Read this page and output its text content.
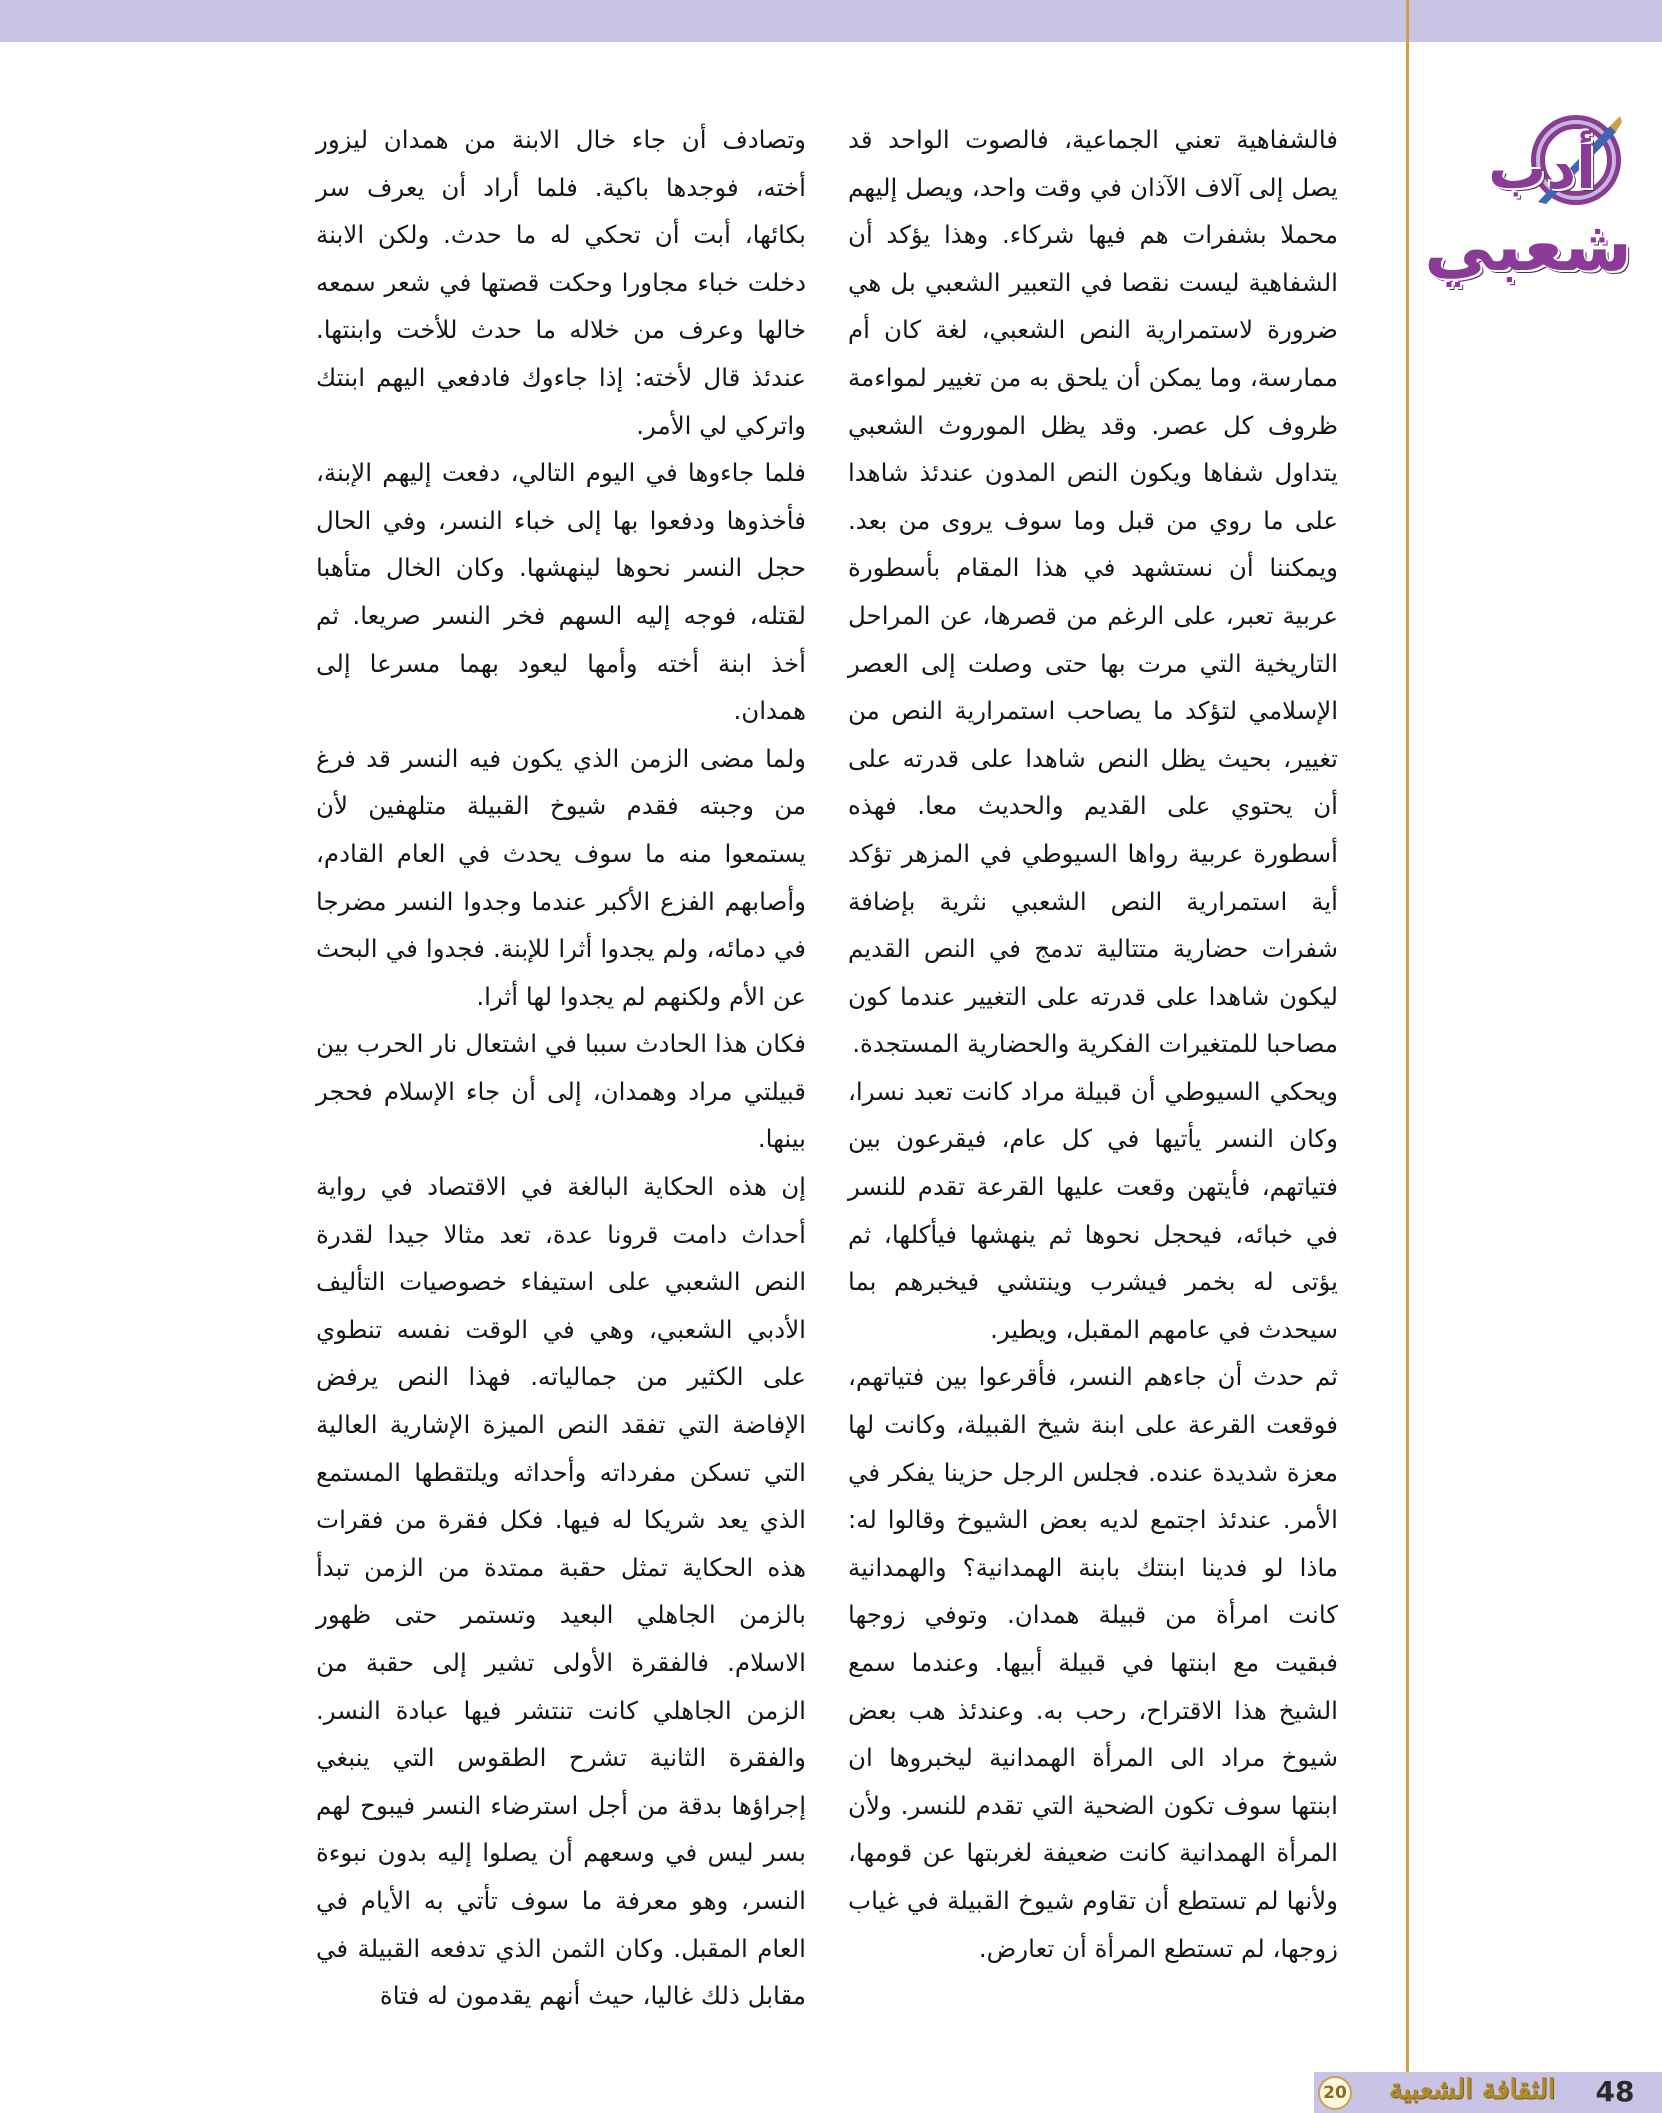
أدب
شعبي

فالشفاهية تعني الجماعية، فالصوت الواحد قد يصل إلى آلاف الآذان في وقت واحد، ويصل إليهم محملا بشفرات هم فيها شركاء. وهذا يؤكد أن الشفاهية ليست نقصا في التعبير الشعبي بل هي ضرورة لاستمرارية النص الشعبي، لغة كان أم ممارسة، وما يمكن أن يلحق به من تغيير لمواءمة ظروف كل عصر. وقد يظل الموروث الشعبي يتداول شفاها ويكون النص المدون عندئذ شاهدا على ما روي من قبل وما سوف يروى من بعد. ويمكننا أن نستشهد في هذا المقام بأسطورة عربية تعبر، على الرغم من قصرها، عن المراحل التاريخية التي مرت بها حتى وصلت إلى العصر الإسلامي لتؤكد ما يصاحب استمرارية النص من تغيير، بحيث يظل النص شاهدا على قدرته على أن يحتوي على القديم والحديث معا. فهذه أسطورة عربية رواها السيوطي في المزهر تؤكد أية استمرارية النص الشعبي نثرية بإضافة شفرات حضارية متتالية تدمج في النص القديم ليكون شاهدا على قدرته على التغيير عندما كون مصاحبا للمتغيرات الفكرية والحضارية المستجدة.

ويحكي السيوطي أن قبيلة مراد كانت تعبد نسرا، وكان النسر يأتيها في كل عام، فيقرعون بين فتياتهم، فأيتهن وقعت عليها القرعة تقدم للنسر في خبائه، فيحجل نحوها ثم ينهشها فيأكلها، ثم يؤتى له بخمر فيشرب وينتشي فيخبرهم بما سيحدث في عامهم المقبل، ويطير.

ثم حدث أن جاءهم النسر، فأقرعوا بين فتياتهم، فوقعت القرعة على ابنة شيخ القبيلة، وكانت لها معزة شديدة عنده. فجلس الرجل حزينا يفكر في الأمر. عندئذ اجتمع لديه بعض الشيوخ وقالوا له: ماذا لو فدينا ابنتك بابنة الهمدانية؟ والهمدانية كانت امرأة من قبيلة همدان. وتوفي زوجها فبقيت مع ابنتها في قبيلة أبيها. وعندما سمع الشيخ هذا الاقتراح، رحب به. وعندئذ هب بعض شيوخ مراد الى المرأة الهمدانية ليخبروها ان ابنتها سوف تكون الضحية التي تقدم للنسر. ولأن المرأة الهمدانية كانت ضعيفة لغربتها عن قومها، ولأنها لم تستطع أن تقاوم شيوخ القبيلة في غياب زوجها، لم تستطع المرأة أن تعارض.

وتصادف أن جاء خال الابنة من همدان ليزور أخته، فوجدها باكية. فلما أراد أن يعرف سر بكائها، أبت أن تحكي له ما حدث. ولكن الابنة دخلت خباء مجاورا وحكت قصتها في شعر سمعه خالها وعرف من خلاله ما حدث للأخت وابنتها. عندئذ قال لأخته: إذا جاءوك فادفعي اليهم ابنتك واتركي لي الأمر.

فلما جاءوها في اليوم التالي، دفعت إليهم الإبنة، فأخذوها ودفعوا بها إلى خباء النسر، وفي الحال حجل النسر نحوها لينهشها. وكان الخال متأهبا لقتله، فوجه إليه السهم فخر النسر صريعا. ثم أخذ ابنة أخته وأمها ليعود بهما مسرعا إلى همدان.

ولما مضى الزمن الذي يكون فيه النسر قد فرغ من وجبته فقدم شيوخ القبيلة متلهفين لأن يستمعوا منه ما سوف يحدث في العام القادم، وأصابهم الفزع الأكبر عندما وجدوا النسر مضرجا في دمائه، ولم يجدوا أثرا للإبنة. فجدوا في البحث عن الأم ولكنهم لم يجدوا لها أثرا.

فكان هذا الحادث سببا في اشتعال نار الحرب بين قبيلتي مراد وهمدان، إلى أن جاء الإسلام فحجر بينها.

إن هذه الحكاية البالغة في الاقتصاد في رواية أحداث دامت قرونا عدة، تعد مثالا جيدا لقدرة النص الشعبي على استيفاء خصوصيات التأليف الأدبي الشعبي، وهي في الوقت نفسه تنطوي على الكثير من جمالياته. فهذا النص يرفض الإفاضة التي تفقد النص الميزة الإشارية العالية التي تسكن مفرداته وأحداثه ويلتقطها المستمع الذي يعد شريكا له فيها. فكل فقرة من فقرات هذه الحكاية تمثل حقبة ممتدة من الزمن تبدأ بالزمن الجاهلي البعيد وتستمر حتى ظهور الاسلام. فالفقرة الأولى تشير إلى حقبة من الزمن الجاهلي كانت تنتشر فيها عبادة النسر. والفقرة الثانية تشرح الطقوس التي ينبغي إجراؤها بدقة من أجل استرضاء النسر فيبوح لهم بسر ليس في وسعهم أن يصلوا إليه بدون نبوءة النسر، وهو معرفة ما سوف تأتي به الأيام في العام المقبل. وكان الثمن الذي تدفعه القبيلة في مقابل ذلك غاليا، حيث أنهم يقدمون له فتاة

48
الثقافة الشعبية
20
